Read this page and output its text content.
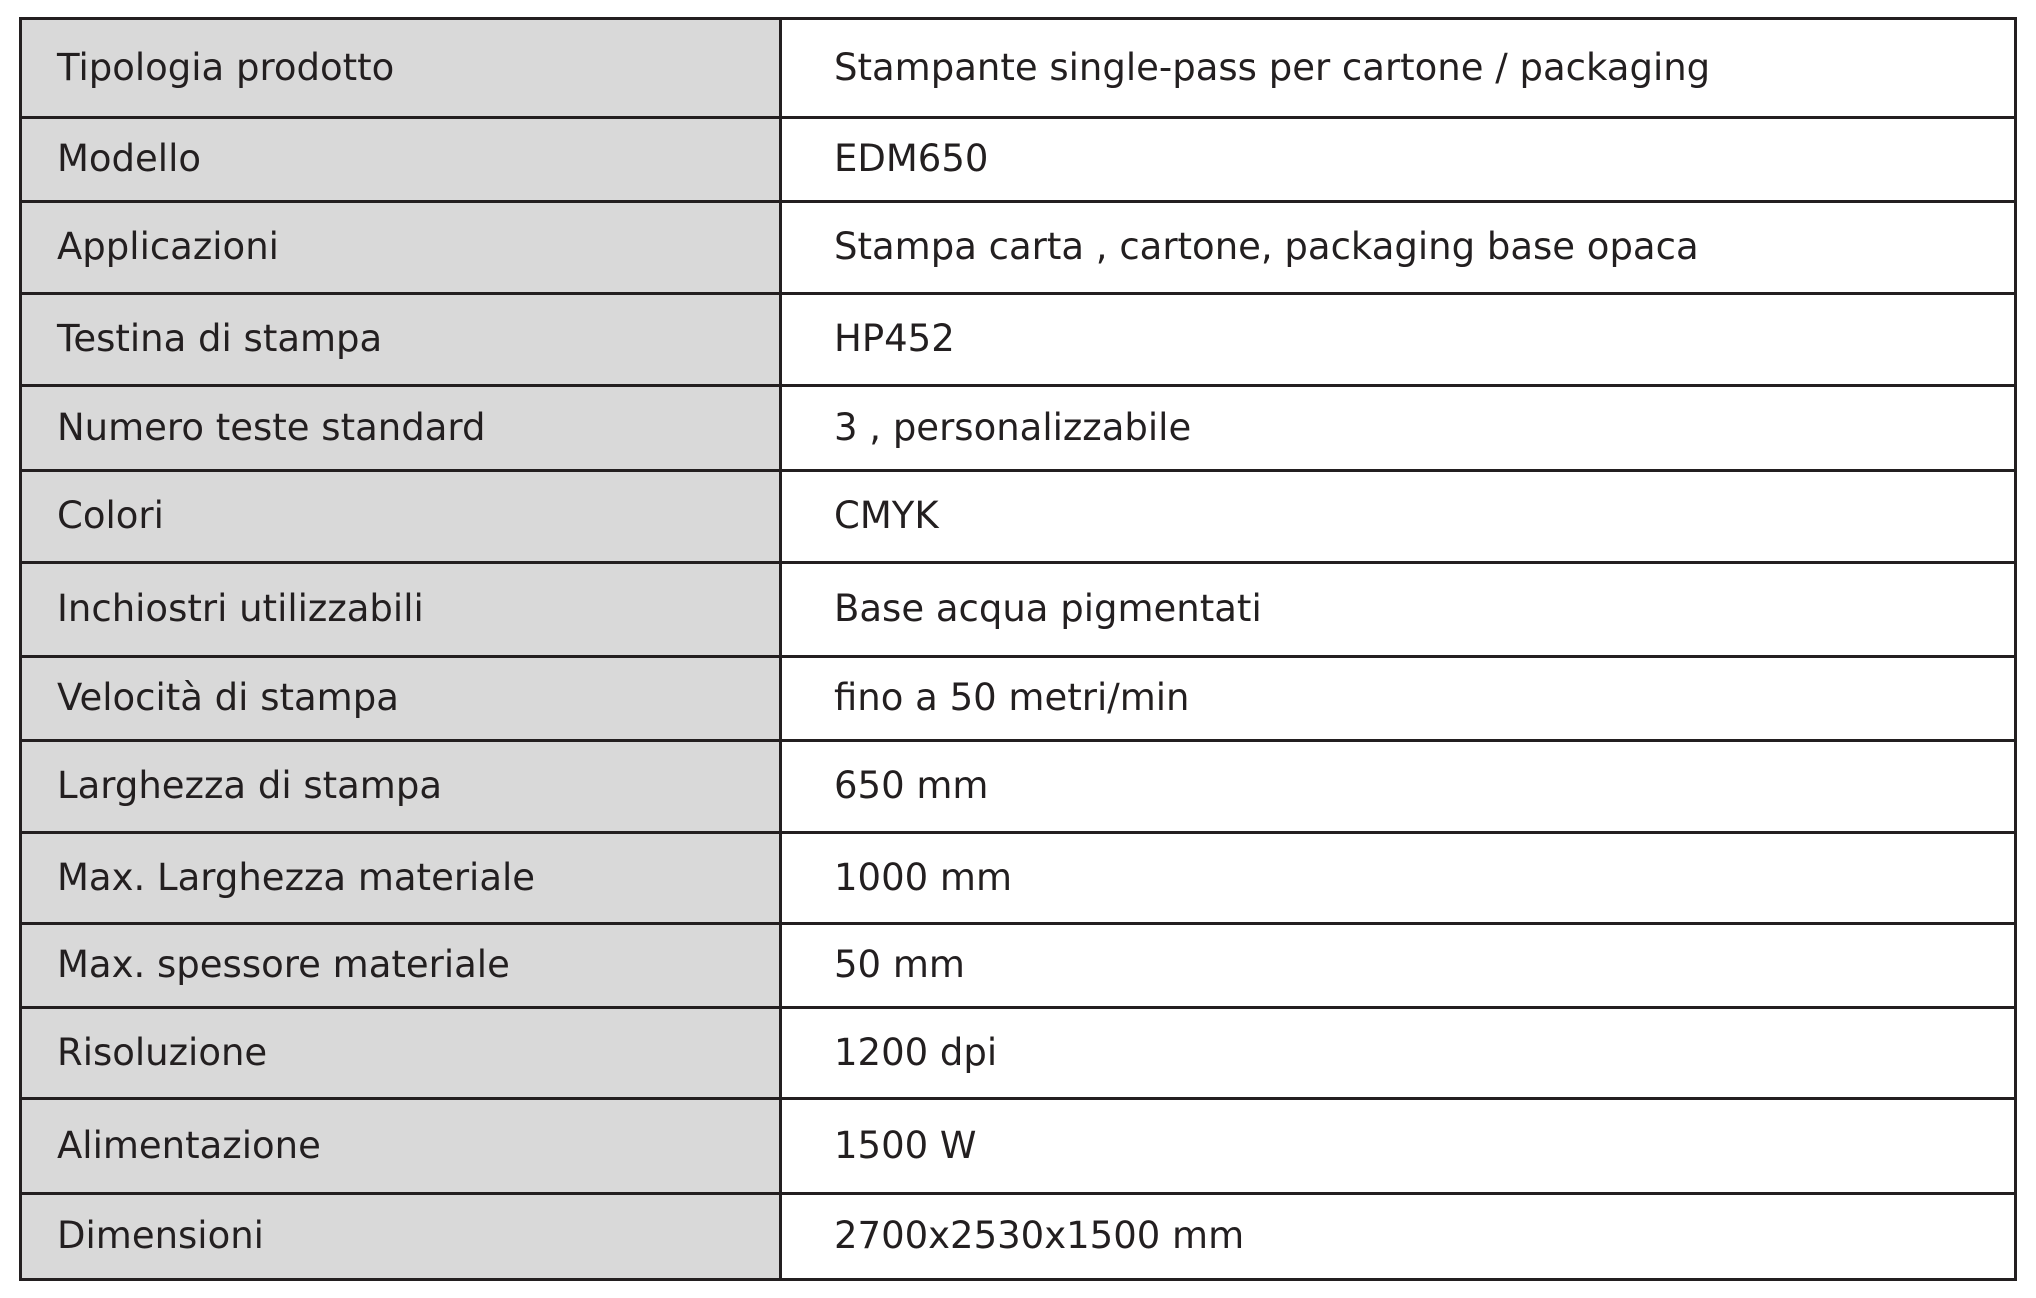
Tipologia prodotto	Stampante single-pass per cartone / packaging
Modello	EDM650
Applicazioni	Stampa carta , cartone, packaging base opaca
Testina di stampa	HP452
Numero teste standard	3 , personalizzabile
Colori	CMYK
Inchiostri utilizzabili	Base acqua pigmentati
Velocità di stampa	fino a 50 metri/min
Larghezza di stampa	650 mm
Max. Larghezza materiale	1000 mm
Max. spessore materiale	50 mm
Risoluzione	1200 dpi
Alimentazione	1500 W
Dimensioni	2700x2530x1500 mm
